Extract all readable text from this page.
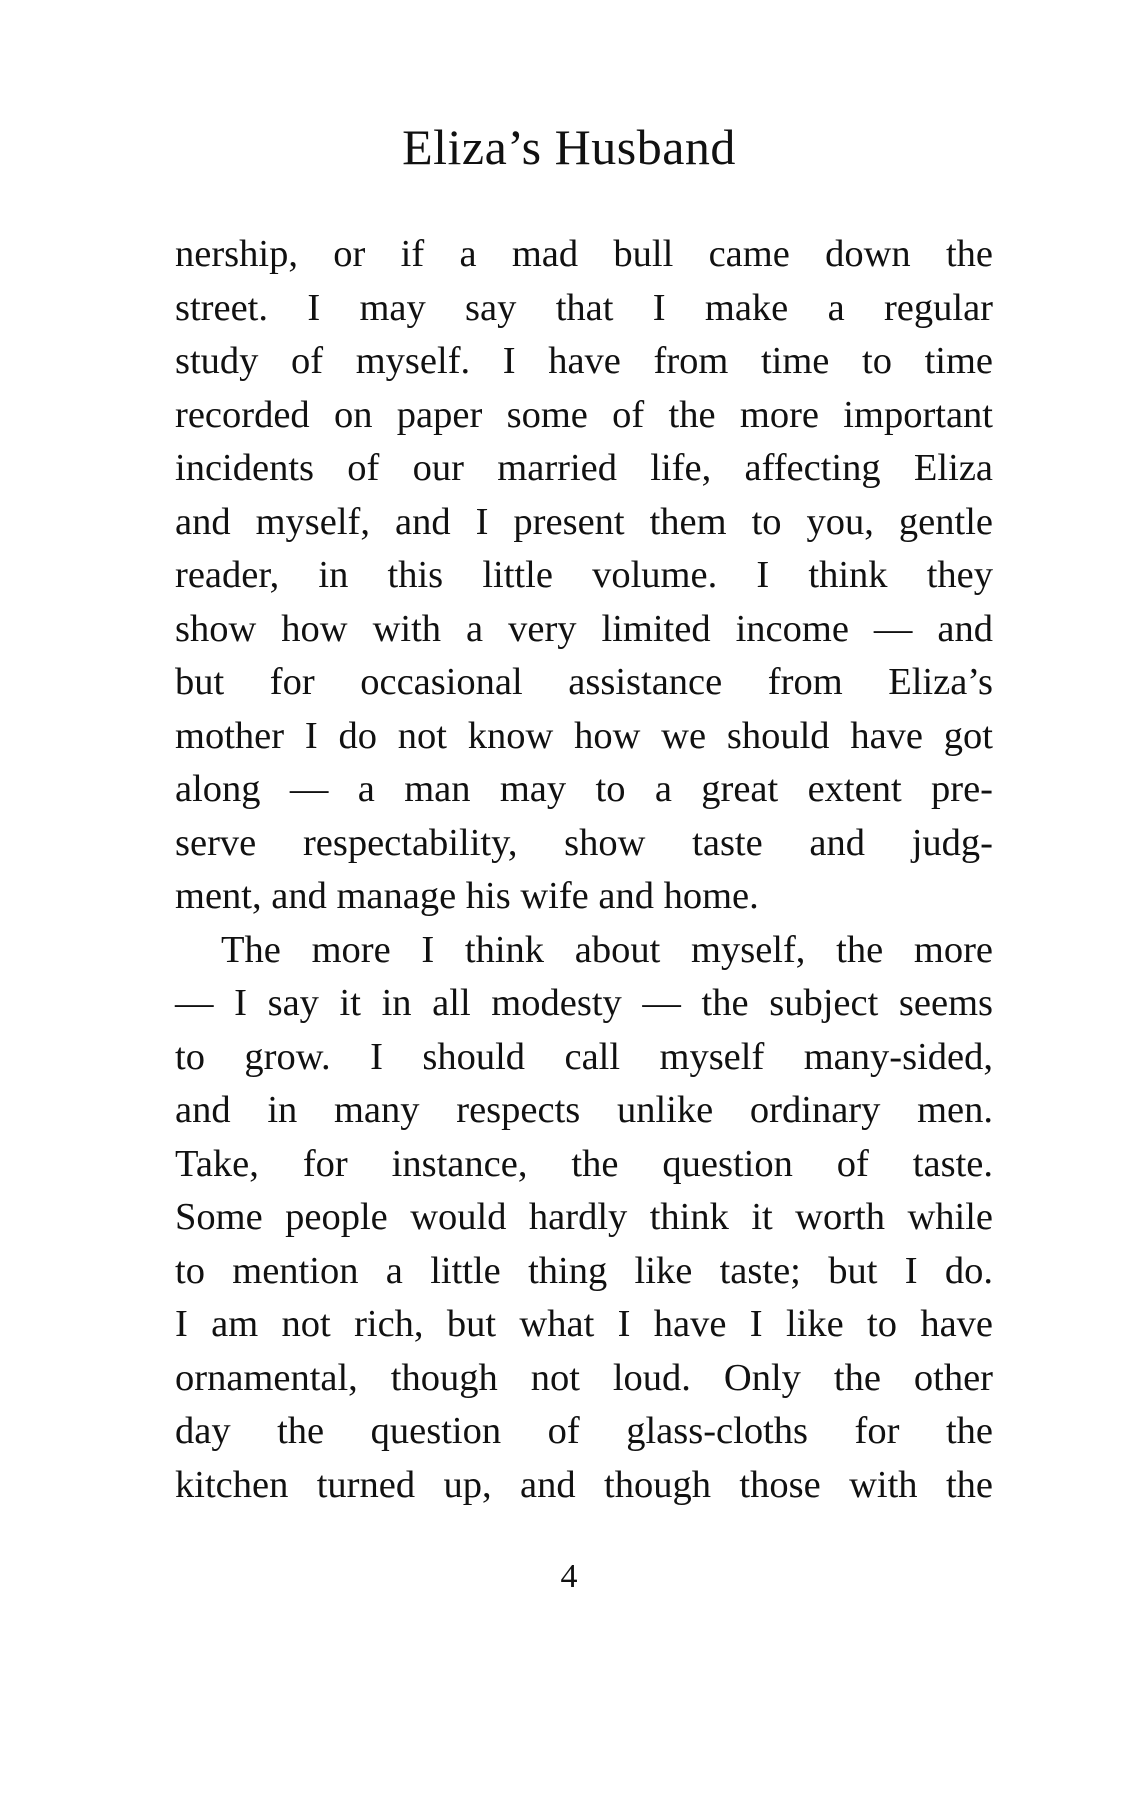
Eliza’s Husband
nership, or if a mad bull came down the
street. I may say that I make a regular
study of myself. I have from time to time
recorded on paper some of the more important
incidents of our married life, affecting Eliza
and myself, and I present them to you, gentle
reader, in this little volume. I think they
show how with a very limited income — and
but for occasional assistance from Eliza’s
mother I do not know how we should have got
along — a man may to a great extent pre-
serve respectability, show taste and judg-
ment, and manage his wife and home.
The more I think about myself, the more
— I say it in all modesty — the subject seems
to grow. I should call myself many-sided,
and in many respects unlike ordinary men.
Take, for instance, the question of taste.
Some people would hardly think it worth while
to mention a little thing like taste; but I do.
I am not rich, but what I have I like to have
ornamental, though not loud. Only the other
day the question of glass-cloths for the
kitchen turned up, and though those with the
4
